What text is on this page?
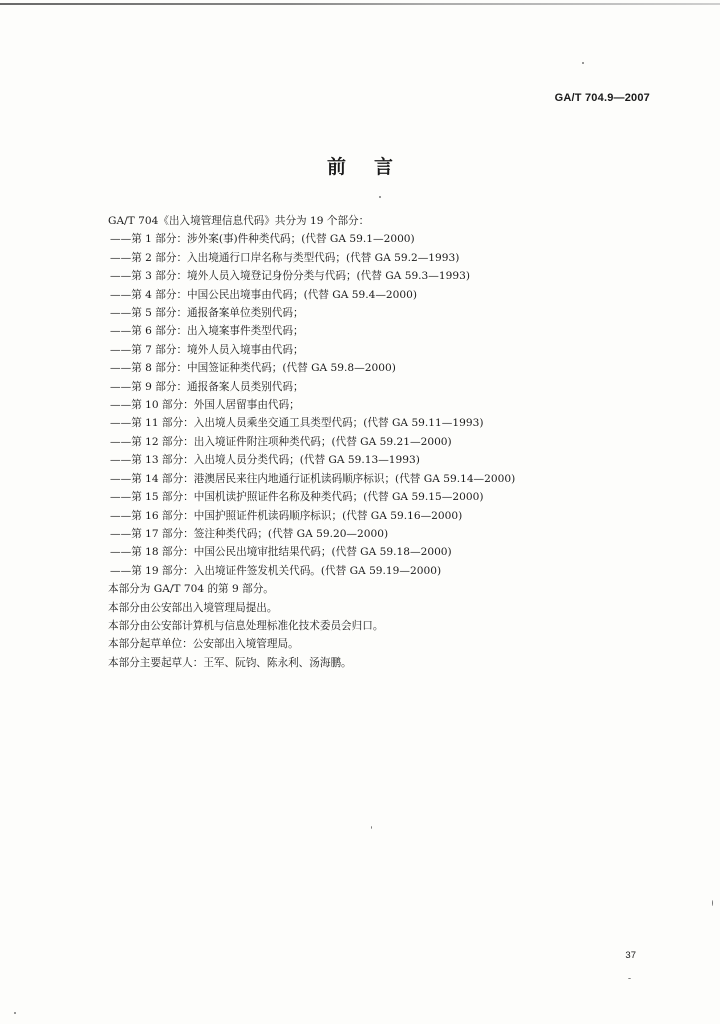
GA/T 704.9—2007
前言
GA/T 704《出入境管理信息代码》共分为 19 个部分：
——第 1 部分：涉外案(事)件种类代码；(代替 GA 59.1—2000)
——第 2 部分：入出境通行口岸名称与类型代码；(代替 GA 59.2—1993)
——第 3 部分：境外人员入境登记身份分类与代码；(代替 GA 59.3—1993)
——第 4 部分：中国公民出境事由代码；(代替 GA 59.4—2000)
——第 5 部分：通报备案单位类别代码；
——第 6 部分：出入境案事件类型代码；
——第 7 部分：境外人员入境事由代码；
——第 8 部分：中国签证种类代码；(代替 GA 59.8—2000)
——第 9 部分：通报备案人员类别代码；
——第 10 部分：外国人居留事由代码；
——第 11 部分：入出境人员乘坐交通工具类型代码；(代替 GA 59.11—1993)
——第 12 部分：出入境证件附注项种类代码；(代替 GA 59.21—2000)
——第 13 部分：入出境人员分类代码；(代替 GA 59.13—1993)
——第 14 部分：港澳居民来往内地通行证机读码顺序标识；(代替 GA 59.14—2000)
——第 15 部分：中国机读护照证件名称及种类代码；(代替 GA 59.15—2000)
——第 16 部分：中国护照证件机读码顺序标识；(代替 GA 59.16—2000)
——第 17 部分：签注种类代码；(代替 GA 59.20—2000)
——第 18 部分：中国公民出境审批结果代码；(代替 GA 59.18—2000)
——第 19 部分：入出境证件签发机关代码。(代替 GA 59.19—2000)
本部分为 GA/T 704 的第 9 部分。
本部分由公安部出入境管理局提出。
本部分由公安部计算机与信息处理标准化技术委员会归口。
本部分起草单位：公安部出入境管理局。
本部分主要起草人：王军、阮钧、陈永利、汤海鹏。
37
